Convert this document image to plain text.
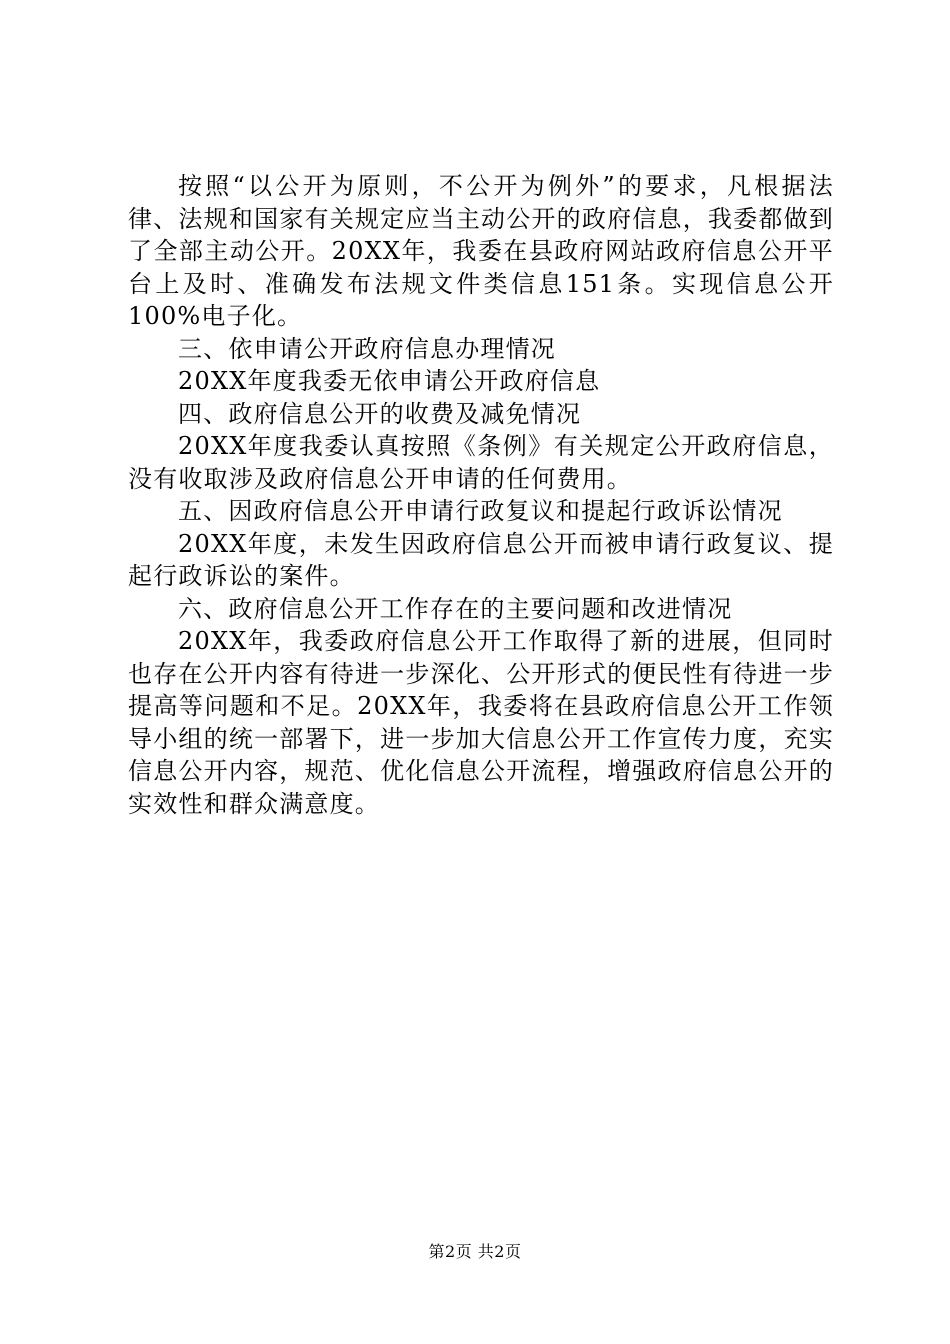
按照“以公开为原则，不公开为例外”的要求，凡根据法律、法规和国家有关规定应当主动公开的政府信息，我委都做到了全部主动公开。20XX年，我委在县政府网站政府信息公开平台上及时、准确发布法规文件类信息151条。实现信息公开100%电子化。

三、依申请公开政府信息办理情况

20XX年度我委无依申请公开政府信息

四、政府信息公开的收费及减免情况

20XX年度我委认真按照《条例》有关规定公开政府信息，没有收取涉及政府信息公开申请的任何费用。

五、因政府信息公开申请行政复议和提起行政诉讼情况

20XX年度，未发生因政府信息公开而被申请行政复议、提起行政诉讼的案件。

六、政府信息公开工作存在的主要问题和改进情况

20XX年，我委政府信息公开工作取得了新的进展，但同时也存在公开内容有待进一步深化、公开形式的便民性有待进一步提高等问题和不足。20XX年，我委将在县政府信息公开工作领导小组的统一部署下，进一步加大信息公开工作宣传力度，充实信息公开内容，规范、优化信息公开流程，增强政府信息公开的实效性和群众满意度。

第2页 共2页
